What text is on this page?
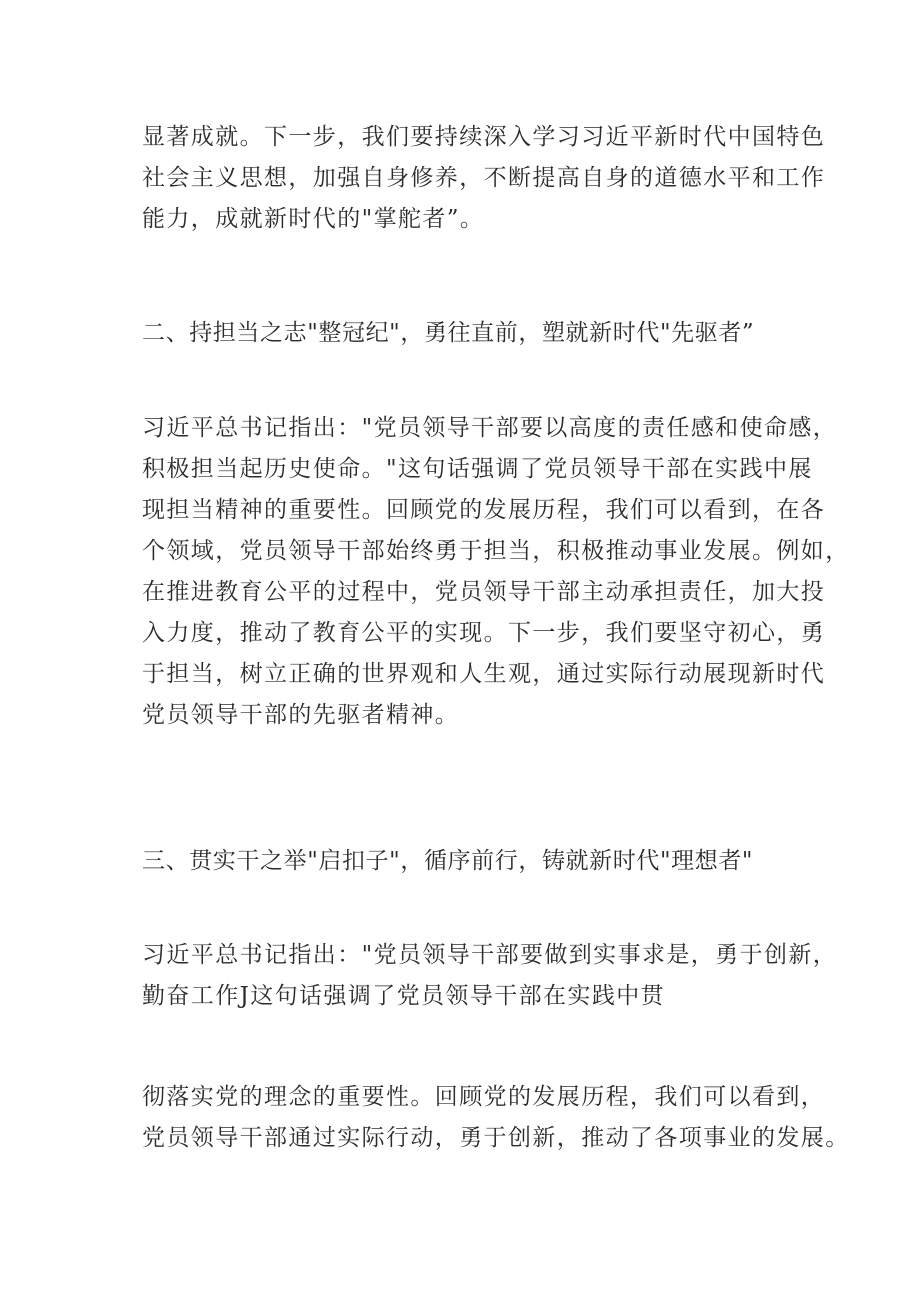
显著成就。下一步，我们要持续深入学习习近平新时代中国特色
社会主义思想，加强自身修养，不断提高自身的道德水平和工作
能力，成就新时代的"掌舵者”。
二、持担当之志"整冠纪"，勇往直前，塑就新时代"先驱者”
习近平总书记指出："党员领导干部要以高度的责任感和使命感，
积极担当起历史使命。"这句话强调了党员领导干部在实践中展
现担当精神的重要性。回顾党的发展历程，我们可以看到，在各
个领域，党员领导干部始终勇于担当，积极推动事业发展。例如，
在推进教育公平的过程中，党员领导干部主动承担责任，加大投
入力度，推动了教育公平的实现。下一步，我们要坚守初心，勇
于担当，树立正确的世界观和人生观，通过实际行动展现新时代
党员领导干部的先驱者精神。
三、贯实干之举"启扣子"，循序前行，铸就新时代"理想者"
习近平总书记指出："党员领导干部要做到实事求是，勇于创新，
勤奋工作J这句话强调了党员领导干部在实践中贯
彻落实党的理念的重要性。回顾党的发展历程，我们可以看到，
党员领导干部通过实际行动，勇于创新，推动了各项事业的发展。
